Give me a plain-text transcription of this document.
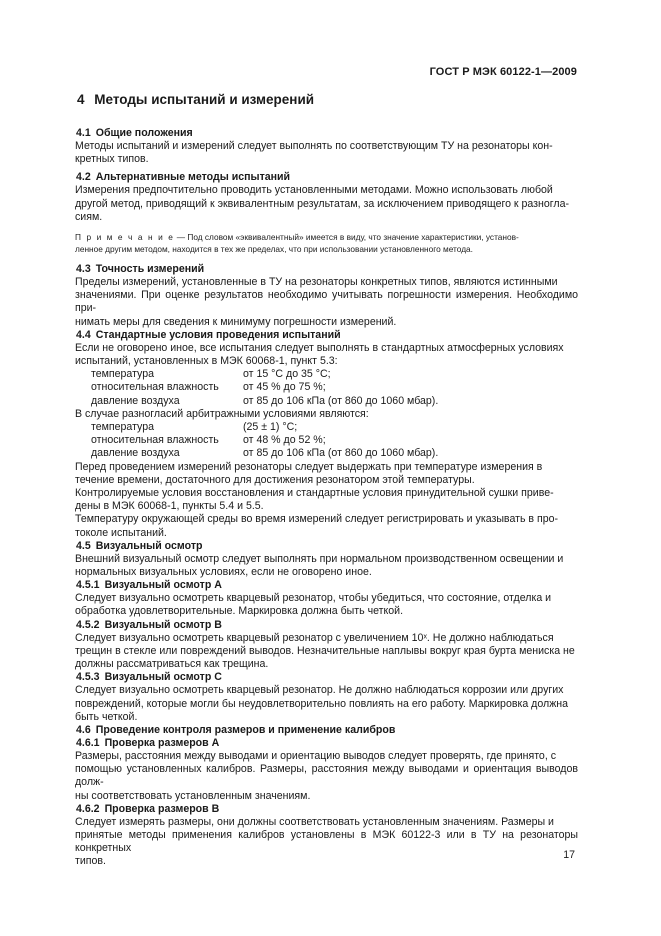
ГОСТ Р МЭК 60122-1—2009
4 Методы испытаний и измерений
4.1 Общие положения

Методы испытаний и измерений следует выполнять по соответствующим ТУ на резонаторы кон-

кретных типов.

4.2 Альтернативные методы испытаний

Измерения предпочтительно проводить установленными методами. Можно использовать любой

другой метод, приводящий к эквивалентным результатам, за исключением приводящего к разногла-

сиям.

П р и м е ч а н и е — Под словом «эквивалентный» имеется в виду, что значение характеристики, установ-
ленное другим методом, находится в тех же пределах, что при использовании установленного метода.
4.3 Точность измерений

Пределы измерений, установленные в ТУ на резонаторы конкретных типов, являются истинными

значениями. При оценке результатов необходимо учитывать погрешности измерения. Необходимо при-

нимать меры для сведения к минимуму погрешности измерений.

4.4 Стандартные условия проведения испытаний

Если не оговорено иное, все испытания следует выполнять в стандартных атмосферных условиях

испытаний, установленных в МЭК 60068-1, пункт 5.3:

температура	от 15 °С до 35 °С;
относительная влажность	от 45 % до 75 %;
давление воздуха	от 85 до 106 кПа (от 860 до 1060 мбар).

В случае разногласий арбитражными условиями являются:

температура	(25 ± 1) °С;
относительная влажность	от 48 % до 52 %;
давление воздуха	от 85 до 106 кПа (от 860 до 1060 мбар).

Перед проведением измерений резонаторы следует выдержать при температуре измерения в

течение времени, достаточного для достижения резонатором этой температуры.

Контролируемые условия восстановления и стандартные условия принудительной сушки приве-

дены в МЭК 60068-1, пункты 5.4 и 5.5.

Температуру окружающей среды во время измерений следует регистрировать и указывать в про-

токоле испытаний.

4.5 Визуальный осмотр

Внешний визуальный осмотр следует выполнять при нормальном производственном освещении и

нормальных визуальных условиях, если не оговорено иное.

4.5.1 Визуальный осмотр А

Следует визуально осмотреть кварцевый резонатор, чтобы убедиться, что состояние, отделка и

обработка удовлетворительные. Маркировка должна быть четкой.

4.5.2 Визуальный осмотр В

Следует визуально осмотреть кварцевый резонатор с увеличением 10ˣ. Не должно наблюдаться

трещин в стекле или повреждений выводов. Незначительные наплывы вокруг края бурта мениска не

должны рассматриваться как трещина.

4.5.3 Визуальный осмотр С

Следует визуально осмотреть кварцевый резонатор. Не должно наблюдаться коррозии или других

повреждений, которые могли бы неудовлетворительно повлиять на его работу. Маркировка должна

быть четкой.

4.6 Проведение контроля размеров и применение калибров
4.6.1 Проверка размеров А

Размеры, расстояния между выводами и ориентацию выводов следует проверять, где принято, с

помощью установленных калибров. Размеры, расстояния между выводами и ориентация выводов долж-

ны соответствовать установленным значениям.

4.6.2 Проверка размеров В

Следует измерять размеры, они должны соответствовать установленным значениям. Размеры и

принятые методы применения калибров установлены в МЭК 60122-3 или в ТУ на резонаторы конкретных

типов.

17
